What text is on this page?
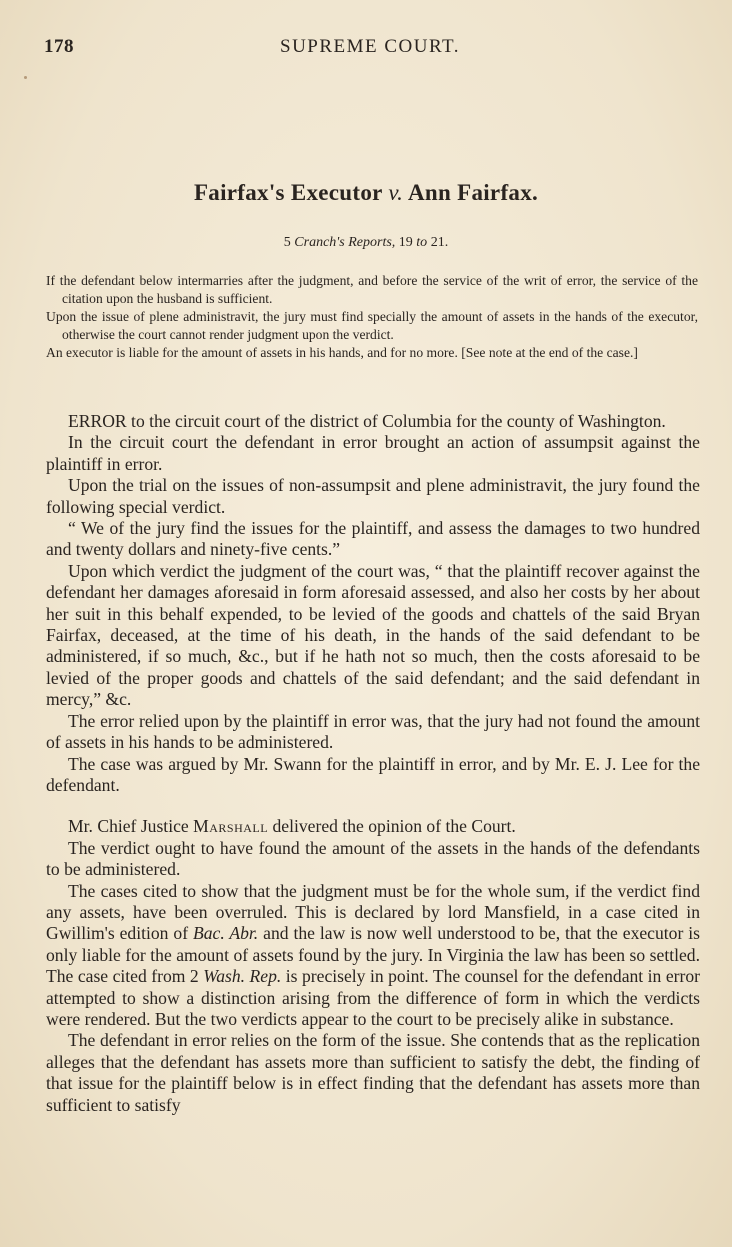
178	SUPREME COURT.
Fairfax's Executor v. Ann Fairfax.
5 Cranch's Reports, 19 to 21.

If the defendant below intermarries after the judgment, and before the service of the writ of error, the service of the citation upon the husband is sufficient.

Upon the issue of plene administravit, the jury must find specially the amount of assets in the hands of the executor, otherwise the court cannot render judgment upon the verdict.

An executor is liable for the amount of assets in his hands, and for no more. [See note at the end of the case.]

ERROR to the circuit court of the district of Columbia for the county of Washington.

In the circuit court the defendant in error brought an action of assumpsit against the plaintiff in error.

Upon the trial on the issues of non-assumpsit and plene administravit, the jury found the following special verdict.

“ We of the jury find the issues for the plaintiff, and assess the damages to two hundred and twenty dollars and ninety-five cents.”

Upon which verdict the judgment of the court was, “ that the plaintiff recover against the defendant her damages aforesaid in form aforesaid assessed, and also her costs by her about her suit in this behalf expended, to be levied of the goods and chattels of the said Bryan Fairfax, deceased, at the time of his death, in the hands of the said defendant to be administered, if so much, &c., but if he hath not so much, then the costs aforesaid to be levied of the proper goods and chattels of the said defendant; and the said defendant in mercy,” &c.

The error relied upon by the plaintiff in error was, that the jury had not found the amount of assets in his hands to be administered.

The case was argued by Mr. Swann for the plaintiff in error, and by Mr. E. J. Lee for the defendant.

Mr. Chief Justice Marshall delivered the opinion of the Court.

The verdict ought to have found the amount of the assets in the hands of the defendants to be administered.

The cases cited to show that the judgment must be for the whole sum, if the verdict find any assets, have been overruled. This is declared by lord Mansfield, in a case cited in Gwillim's edition of Bac. Abr. and the law is now well understood to be, that the executor is only liable for the amount of assets found by the jury. In Virginia the law has been so settled. The case cited from 2 Wash. Rep. is precisely in point. The counsel for the defendant in error attempted to show a distinction arising from the difference of form in which the verdicts were rendered. But the two verdicts appear to the court to be precisely alike in substance.

The defendant in error relies on the form of the issue. She contends that as the replication alleges that the defendant has assets more than sufficient to satisfy the debt, the finding of that issue for the plaintiff below is in effect finding that the defendant has assets more than sufficient to satisfy
